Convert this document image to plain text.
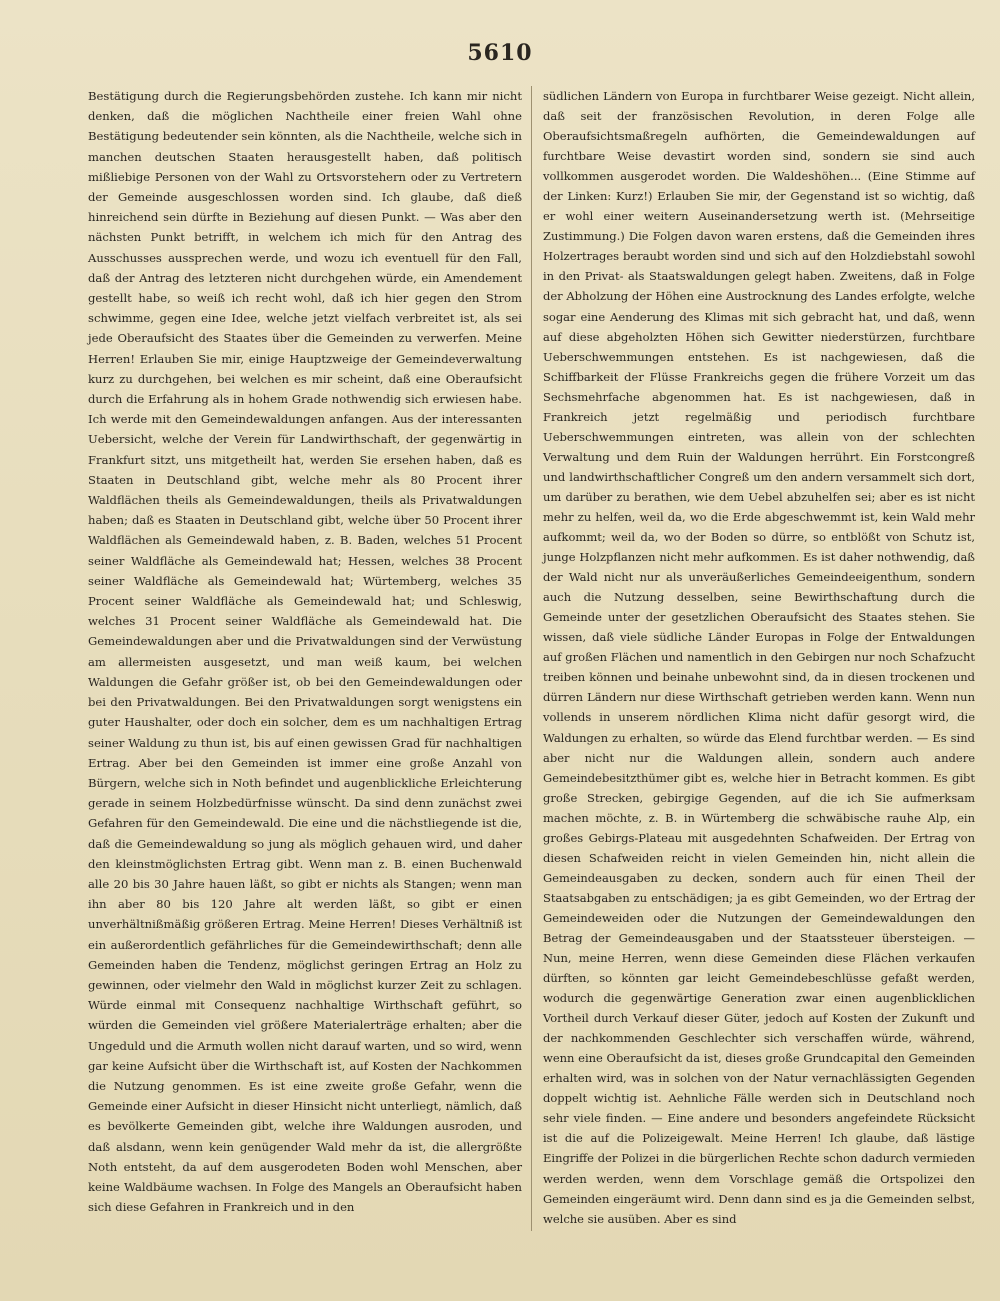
5610

Bestätigung durch die Regierungsbehörden zustehe. Ich kann mir nicht denken, daß die möglichen Nachtheile einer freien Wahl ohne Bestätigung bedeutender sein könnten, als die Nachtheile, welche sich in manchen deutschen Staaten herausgestellt haben, daß politisch mißliebige Personen von der Wahl zu Ortsvorstehern oder zu Vertretern der Gemeinde ausgeschlossen worden sind. Ich glaube, daß dieß hinreichend sein dürfte in Beziehung auf diesen Punkt. — Was aber den nächsten Punkt betrifft, in welchem ich mich für den Antrag des Ausschusses aussprechen werde, und wozu ich eventuell für den Fall, daß der Antrag des letzteren nicht durchgehen würde, ein Amendement gestellt habe, so weiß ich recht wohl, daß ich hier gegen den Strom schwimme, gegen eine Idee, welche jetzt vielfach verbreitet ist, als sei jede Oberaufsicht des Staates über die Gemeinden zu verwerfen. Meine Herren! Erlauben Sie mir, einige Hauptzweige der Gemeindeverwaltung kurz zu durchgehen, bei welchen es mir scheint, daß eine Oberaufsicht durch die Erfahrung als in hohem Grade nothwendig sich erwiesen habe. Ich werde mit den Gemeindewaldungen anfangen. Aus der interessanten Uebersicht, welche der Verein für Landwirthschaft, der gegenwärtig in Frankfurt sitzt, uns mitgetheilt hat, werden Sie ersehen haben, daß es Staaten in Deutschland gibt, welche mehr als 80 Procent ihrer Waldflächen theils als Gemeindewaldungen, theils als Privatwaldungen haben; daß es Staaten in Deutschland gibt, welche über 50 Procent ihrer Waldflächen als Gemeindewald haben, z. B. Baden, welches 51 Procent seiner Waldfläche als Gemeindewald hat; Hessen, welches 38 Procent seiner Waldfläche als Gemeindewald hat; Würtemberg, welches 35 Procent seiner Waldfläche als Gemeindewald hat; und Schleswig, welches 31 Procent seiner Waldfläche als Gemeindewald hat. Die Gemeindewaldungen aber und die Privatwaldungen sind der Verwüstung am allermeisten ausgesetzt, und man weiß kaum, bei welchen Waldungen die Gefahr größer ist, ob bei den Gemeindewaldungen oder bei den Privatwaldungen. Bei den Privatwaldungen sorgt wenigstens ein guter Haushalter, oder doch ein solcher, dem es um nachhaltigen Ertrag seiner Waldung zu thun ist, bis auf einen gewissen Grad für nachhaltigen Ertrag. Aber bei den Gemeinden ist immer eine große Anzahl von Bürgern, welche sich in Noth befindet und augenblickliche Erleichterung gerade in seinem Holzbedürfnisse wünscht. Da sind denn zunächst zwei Gefahren für den Gemeindewald. Die eine und die nächstliegende ist die, daß die Gemeindewaldung so jung als möglich gehauen wird, und daher den kleinstmöglichsten Ertrag gibt. Wenn man z. B. einen Buchenwald alle 20 bis 30 Jahre hauen läßt, so gibt er nichts als Stangen; wenn man ihn aber 80 bis 120 Jahre alt werden läßt, so gibt er einen unverhältnißmäßig größeren Ertrag. Meine Herren! Dieses Verhältniß ist ein außerordentlich gefährliches für die Gemeindewirthschaft; denn alle Gemeinden haben die Tendenz, möglichst geringen Ertrag an Holz zu gewinnen, oder vielmehr den Wald in möglichst kurzer Zeit zu schlagen. Würde einmal mit Consequenz nachhaltige Wirthschaft geführt, so würden die Gemeinden viel größere Materialerträge erhalten; aber die Ungeduld und die Armuth wollen nicht darauf warten, und so wird, wenn gar keine Aufsicht über die Wirthschaft ist, auf Kosten der Nachkommen die Nutzung genommen. Es ist eine zweite große Gefahr, wenn die Gemeinde einer Aufsicht in dieser Hinsicht nicht unterliegt, nämlich, daß es bevölkerte Gemeinden gibt, welche ihre Waldungen ausroden, und daß alsdann, wenn kein genügender Wald mehr da ist, die allergrößte Noth entsteht, da auf dem ausgerodeten Boden wohl Menschen, aber keine Waldbäume wachsen. In Folge des Mangels an Oberaufsicht haben sich diese Gefahren in Frankreich und in den

südlichen Ländern von Europa in furchtbarer Weise gezeigt. Nicht allein, daß seit der französischen Revolution, in deren Folge alle Oberaufsichtsmaßregeln aufhörten, die Gemeindewaldungen auf furchtbare Weise devastirt worden sind, sondern sie sind auch vollkommen ausgerodet worden. Die Waldeshöhen... (Eine Stimme auf der Linken: Kurz!) Erlauben Sie mir, der Gegenstand ist so wichtig, daß er wohl einer weitern Auseinandersetzung werth ist. (Mehrseitige Zustimmung.) Die Folgen davon waren erstens, daß die Gemeinden ihres Holzertrages beraubt worden sind und sich auf den Holzdiebstahl sowohl in den Privat- als Staatswaldungen gelegt haben. Zweitens, daß in Folge der Abholzung der Höhen eine Austrocknung des Landes erfolgte, welche sogar eine Aenderung des Klimas mit sich gebracht hat, und daß, wenn auf diese abgeholzten Höhen sich Gewitter niederstürzen, furchtbare Ueberschwemmungen entstehen. Es ist nachgewiesen, daß die Schiffbarkeit der Flüsse Frankreichs gegen die frühere Vorzeit um das Sechsmehrfache abgenommen hat. Es ist nachgewiesen, daß in Frankreich jetzt regelmäßig und periodisch furchtbare Ueberschwemmungen eintreten, was allein von der schlechten Verwaltung und dem Ruin der Waldungen herrührt. Ein Forstcongreß und landwirthschaftlicher Congreß um den andern versammelt sich dort, um darüber zu berathen, wie dem Uebel abzuhelfen sei; aber es ist nicht mehr zu helfen, weil da, wo die Erde abgeschwemmt ist, kein Wald mehr aufkommt; weil da, wo der Boden so dürre, so entblößt von Schutz ist, junge Holzpflanzen nicht mehr aufkommen. Es ist daher nothwendig, daß der Wald nicht nur als unveräußerliches Gemeindeeigenthum, sondern auch die Nutzung desselben, seine Bewirthschaftung durch die Gemeinde unter der gesetzlichen Oberaufsicht des Staates stehen. Sie wissen, daß viele südliche Länder Europas in Folge der Entwaldungen auf großen Flächen und namentlich in den Gebirgen nur noch Schafzucht treiben können und beinahe unbewohnt sind, da in diesen trockenen und dürren Ländern nur diese Wirthschaft getrieben werden kann. Wenn nun vollends in unserem nördlichen Klima nicht dafür gesorgt wird, die Waldungen zu erhalten, so würde das Elend furchtbar werden. — Es sind aber nicht nur die Waldungen allein, sondern auch andere Gemeindebesitzthümer gibt es, welche hier in Betracht kommen. Es gibt große Strecken, gebirgige Gegenden, auf die ich Sie aufmerksam machen möchte, z. B. in Würtemberg die schwäbische rauhe Alp, ein großes Gebirgs-Plateau mit ausgedehnten Schafweiden. Der Ertrag von diesen Schafweiden reicht in vielen Gemeinden hin, nicht allein die Gemeindeausgaben zu decken, sondern auch für einen Theil der Staatsabgaben zu entschädigen; ja es gibt Gemeinden, wo der Ertrag der Gemeindeweiden oder die Nutzungen der Gemeindewaldungen den Betrag der Gemeindeausgaben und der Staatssteuer übersteigen. — Nun, meine Herren, wenn diese Gemeinden diese Flächen verkaufen dürften, so könnten gar leicht Gemeindebeschlüsse gefaßt werden, wodurch die gegenwärtige Generation zwar einen augenblicklichen Vortheil durch Verkauf dieser Güter, jedoch auf Kosten der Zukunft und der nachkommenden Geschlechter sich verschaffen würde, während, wenn eine Oberaufsicht da ist, dieses große Grundcapital den Gemeinden erhalten wird, was in solchen von der Natur vernachlässigten Gegenden doppelt wichtig ist. Aehnliche Fälle werden sich in Deutschland noch sehr viele finden. — Eine andere und besonders angefeindete Rücksicht ist die auf die Polizeigewalt. Meine Herren! Ich glaube, daß lästige Eingriffe der Polizei in die bürgerlichen Rechte schon dadurch vermieden werden werden, wenn dem Vorschlage gemäß die Ortspolizei den Gemeinden eingeräumt wird. Denn dann sind es ja die Gemeinden selbst, welche sie ausüben. Aber es sind
